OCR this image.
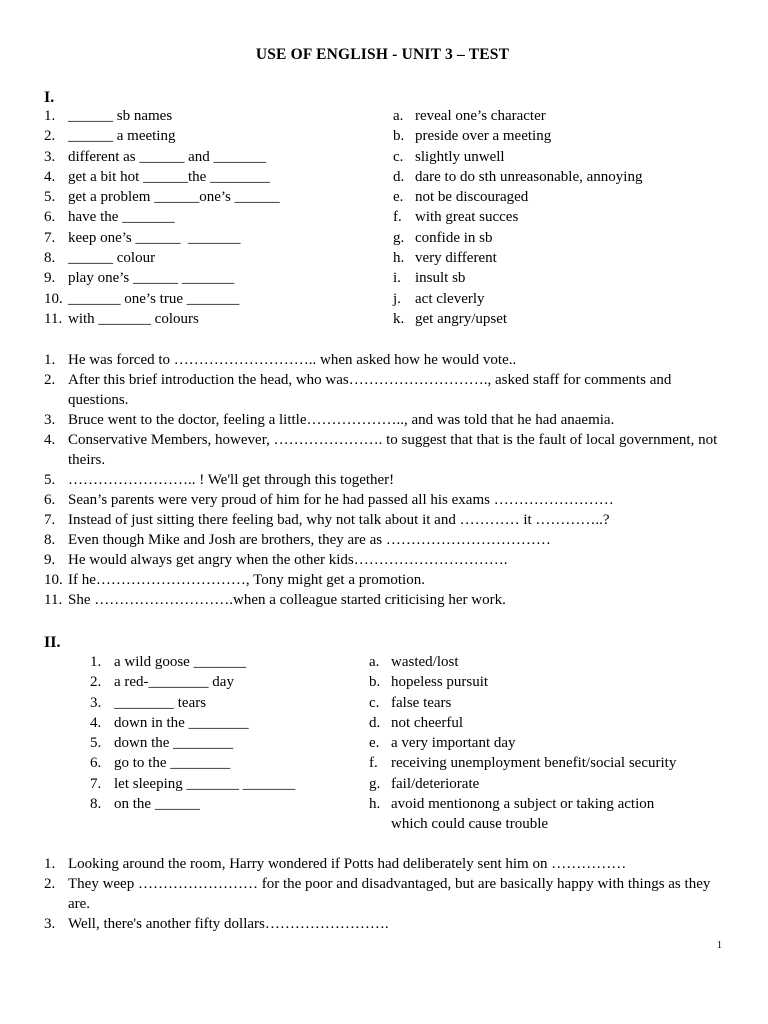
USE OF ENGLISH - UNIT 3 – TEST
I.
1. ______ sb names	a. reveal one’s character
2. ______ a meeting	b. preside over a meeting
3. different as ______ and _______	c. slightly unwell
4. get a bit hot ______the ________	d. dare to do sth unreasonable, annoying
5. get a problem ______one’s ______	e. not be discouraged
6. have the _______	f. with great succes
7. keep one’s ______  _______	g. confide in sb
8. ______ colour	h. very different
9. play one’s ______ _______	i. insult sb
10. _______ one’s true _______	j. act cleverly
11. with _______ colours	k. get angry/upset
1. He was forced to ……………………….. when asked how he would vote..
2. After this brief introduction the head, who was………………………., asked staff for comments and questions.
3. Bruce went to the doctor, feeling a little……………….., and was told that he had anaemia.
4. Conservative Members, however, …………………. to suggest that that is the fault of local government, not theirs.
5. …………………….. ! We'll get through this together!
6. Sean’s parents were very proud of him for he had passed all his exams ……………………
7. Instead of just sitting there feeling bad, why not talk about it and ………… it …………..?
8. Even though Mike and Josh are brothers, they are as ……………………………
9. He would always get angry when the other kids………………………….
10. If he…………………………, Tony might get a promotion.
11. She ……………………….when a colleague started criticising her work.
II.
1. a wild goose _______	a. wasted/lost
2. a red-________ day	b. hopeless pursuit
3. ________ tears	c. false tears
4. down in the ________	d. not cheerful
5. down the ________	e. a very important day
6. go to the ________	f. receiving unemployment benefit/social security
7. let sleeping _______ _______	g. fail/deteriorate
8. on the ______	h. avoid mentionong a subject or taking action
which could cause trouble
1. Looking around the room, Harry wondered if Potts had deliberately sent him on ……………
2. They weep …………………… for the poor and disadvantaged, but are basically happy with things as they are.
3. Well, there's another fifty dollars…………………….
1
